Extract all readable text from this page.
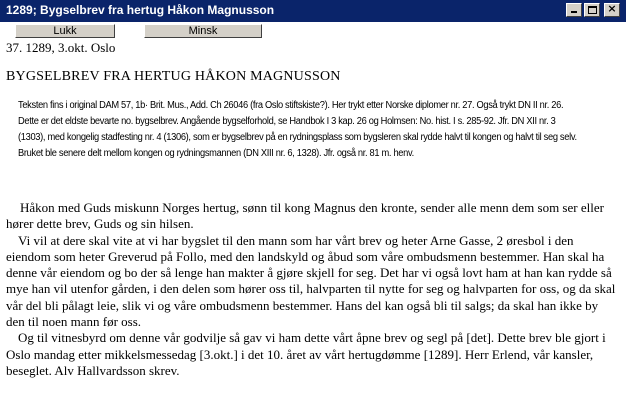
1289; Bygselbrev fra hertug Håkon Magnusson	×
Lukk	Minsk
37. 1289, 3.okt. Oslo
BYGSELBREV FRA HERTUG HÅKON MAGNUSSON
Teksten fins i original DAM 57, 1b· Brit. Mus., Add. Ch 26046 (fra Oslo stiftskiste?). Her trykt etter Norske diplomer nr. 27. Også trykt DN II nr. 26. Dette er det eldste bevarte no. bygselbrev. Angående bygselforhold, se Handbok I 3 kap. 26 og Holmsen: No. hist. I s. 285-92. Jfr. DN XII nr. 3 (1303), med kongelig stadfesting nr. 4 (1306), som er bygselbrev på en rydningsplass som bygsleren skal rydde halvt til kongen og halvt til seg selv. Bruket ble senere delt mellom kongen og rydningsmannen (DN XIII nr. 6, 1328). Jfr. også nr. 81 m. henv.

Håkon med Guds miskunn Norges hertug, sønn til kong Magnus den kronte, sender alle menn dem som ser eller hører dette brev, Guds og sin hilsen.

Vi vil at dere skal vite at vi har bygslet til den mann som har vårt brev og heter Arne Gasse, 2 øresbol i den eiendom som heter Greverud på Follo, med den landskyld og åbud som våre ombudsmenn bestemmer. Han skal ha denne vår eiendom og bo der så lenge han makter å gjøre skjell for seg. Det har vi også lovt ham at han kan rydde så mye han vil utenfor gården, i den delen som hører oss til, halvparten til nytte for seg og halvparten for oss, og da skal vår del bli pålagt leie, slik vi og våre ombudsmenn bestemmer. Hans del kan også bli til salgs; da skal han ikke by den til noen mann før oss.

Og til vitnesbyrd om denne vår godvilje så gav vi ham dette vårt åpne brev og segl på [det]. Dette brev ble gjort i Oslo mandag etter mikkelsmessedag [3.okt.] i det 10. året av vårt hertugdømme [1289]. Herr Erlend, vår kansler, beseglet. Alv Hallvardsson skrev.
